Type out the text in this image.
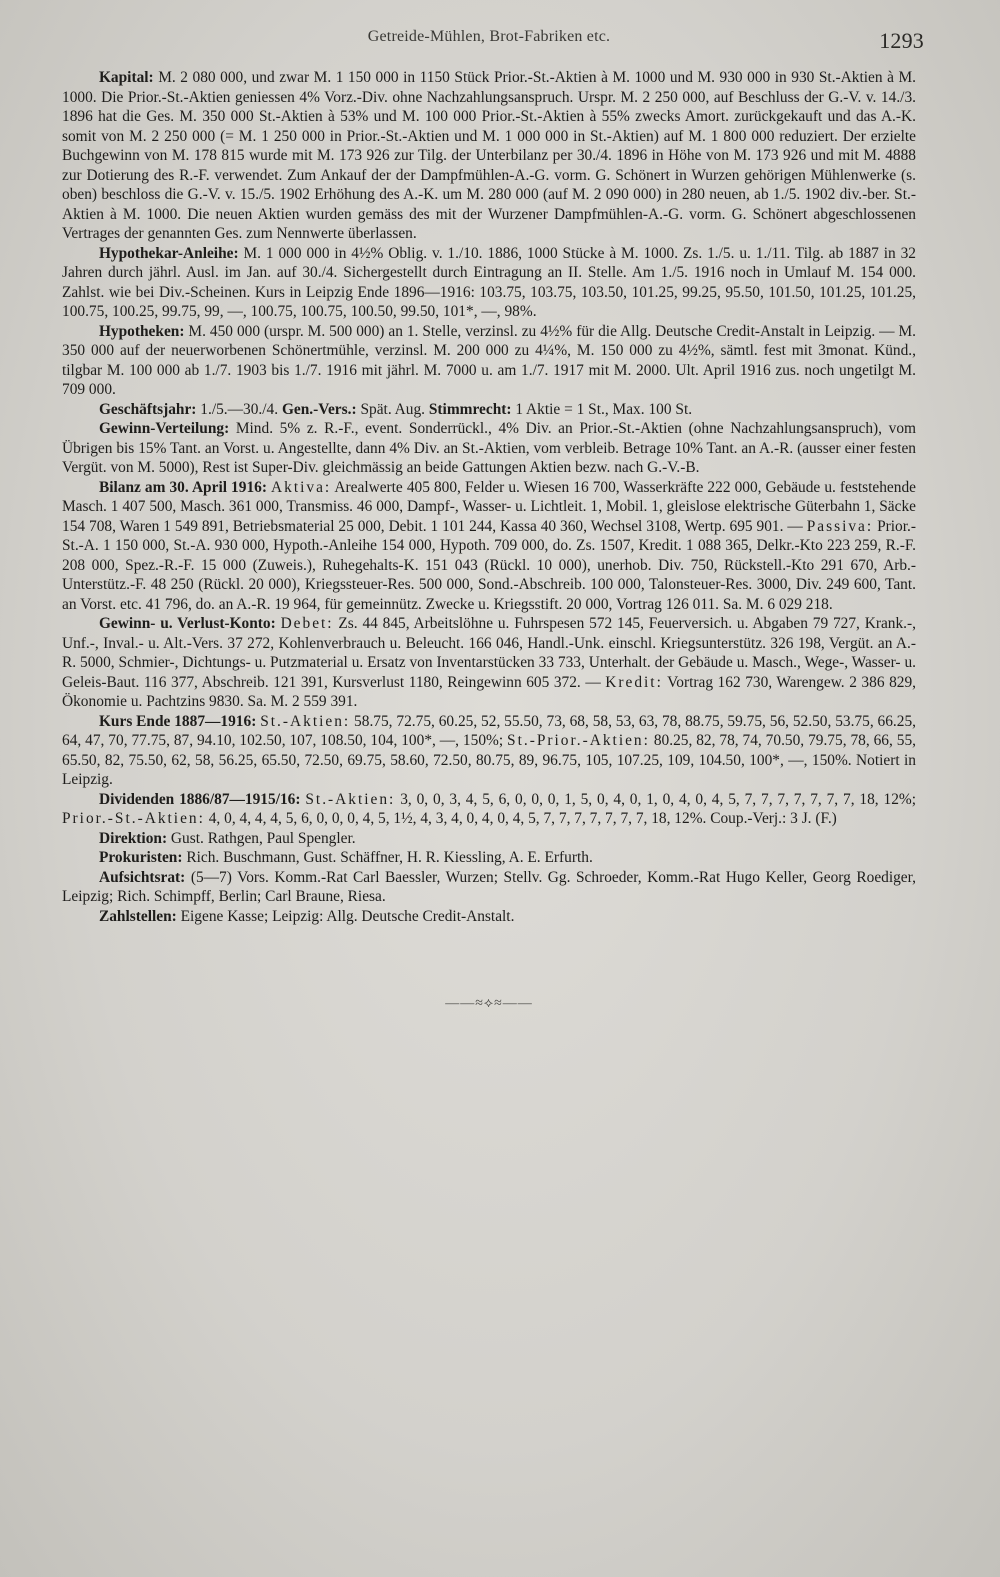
Getreide-Mühlen, Brot-Fabriken etc.	1293

Kapital: M. 2 080 000, und zwar M. 1 150 000 in 1150 Stück Prior.-St.-Aktien à M. 1000 und M. 930 000 in 930 St.-Aktien à M. 1000. Die Prior.-St.-Aktien geniessen 4% Vorz.-Div. ohne Nachzahlungsanspruch. Urspr. M. 2 250 000, auf Beschluss der G.-V. v. 14./3. 1896 hat die Ges. M. 350 000 St.-Aktien à 53% und M. 100 000 Prior.-St.-Aktien à 55% zwecks Amort. zurückgekauft und das A.-K. somit von M. 2 250 000 (= M. 1 250 000 in Prior.-St.-Aktien und M. 1 000 000 in St.-Aktien) auf M. 1 800 000 reduziert. Der erzielte Buchgewinn von M. 178 815 wurde mit M. 173 926 zur Tilg. der Unterbilanz per 30./4. 1896 in Höhe von M. 173 926 und mit M. 4888 zur Dotierung des R.-F. verwendet. Zum Ankauf der der Dampfmühlen-A.-G. vorm. G. Schönert in Wurzen gehörigen Mühlenwerke (s. oben) beschloss die G.-V. v. 15./5. 1902 Erhöhung des A.-K. um M. 280 000 (auf M. 2 090 000) in 280 neuen, ab 1./5. 1902 div.-ber. St.-Aktien à M. 1000. Die neuen Aktien wurden gemäss des mit der Wurzener Dampfmühlen-A.-G. vorm. G. Schönert abgeschlossenen Vertrages der genannten Ges. zum Nennwerte überlassen.

Hypothekar-Anleihe: M. 1 000 000 in 4½% Oblig. v. 1./10. 1886, 1000 Stücke à M. 1000. Zs. 1./5. u. 1./11. Tilg. ab 1887 in 32 Jahren durch jährl. Ausl. im Jan. auf 30./4. Sichergestellt durch Eintragung an II. Stelle. Am 1./5. 1916 noch in Umlauf M. 154 000. Zahlst. wie bei Div.-Scheinen. Kurs in Leipzig Ende 1896—1916: 103.75, 103.75, 103.50, 101.25, 99.25, 95.50, 101.50, 101.25, 101.25, 100.75, 100.25, 99.75, 99, —, 100.75, 100.75, 100.50, 99.50, 101*, —, 98%.

Hypotheken: M. 450 000 (urspr. M. 500 000) an 1. Stelle, verzinsl. zu 4½% für die Allg. Deutsche Credit-Anstalt in Leipzig. — M. 350 000 auf der neuerworbenen Schönertmühle, verzinsl. M. 200 000 zu 4¼%, M. 150 000 zu 4½%, sämtl. fest mit 3monat. Künd., tilgbar M. 100 000 ab 1./7. 1903 bis 1./7. 1916 mit jährl. M. 7000 u. am 1./7. 1917 mit M. 2000. Ult. April 1916 zus. noch ungetilgt M. 709 000.

Geschäftsjahr: 1./5.—30./4. Gen.-Vers.: Spät. Aug. Stimmrecht: 1 Aktie = 1 St., Max. 100 St.

Gewinn-Verteilung: Mind. 5% z. R.-F., event. Sonderrückl., 4% Div. an Prior.-St.-Aktien (ohne Nachzahlungsanspruch), vom Übrigen bis 15% Tant. an Vorst. u. Angestellte, dann 4% Div. an St.-Aktien, vom verbleib. Betrage 10% Tant. an A.-R. (ausser einer festen Vergüt. von M. 5000), Rest ist Super-Div. gleichmässig an beide Gattungen Aktien bezw. nach G.-V.-B.

Bilanz am 30. April 1916: Aktiva: Arealwerte 405 800, Felder u. Wiesen 16 700, Wasserkräfte 222 000, Gebäude u. feststehende Masch. 1 407 500, Masch. 361 000, Transmiss. 46 000, Dampf-, Wasser- u. Lichtleit. 1, Mobil. 1, gleislose elektrische Güterbahn 1, Säcke 154 708, Waren 1 549 891, Betriebsmaterial 25 000, Debit. 1 101 244, Kassa 40 360, Wechsel 3108, Wertp. 695 901. — Passiva: Prior.-St.-A. 1 150 000, St.-A. 930 000, Hypoth.-Anleihe 154 000, Hypoth. 709 000, do. Zs. 1507, Kredit. 1 088 365, Delkr.-Kto 223 259, R.-F. 208 000, Spez.-R.-F. 15 000 (Zuweis.), Ruhegehalts-K. 151 043 (Rückl. 10 000), unerhob. Div. 750, Rückstell.-Kto 291 670, Arb.-Unterstütz.-F. 48 250 (Rückl. 20 000), Kriegssteuer-Res. 500 000, Sond.-Abschreib. 100 000, Talonsteuer-Res. 3000, Div. 249 600, Tant. an Vorst. etc. 41 796, do. an A.-R. 19 964, für gemeinnütz. Zwecke u. Kriegsstift. 20 000, Vortrag 126 011. Sa. M. 6 029 218.

Gewinn- u. Verlust-Konto: Debet: Zs. 44 845, Arbeitslöhne u. Fuhrspesen 572 145, Feuerversich. u. Abgaben 79 727, Krank.-, Unf.-, Inval.- u. Alt.-Vers. 37 272, Kohlenverbrauch u. Beleucht. 166 046, Handl.-Unk. einschl. Kriegsunterstütz. 326 198, Vergüt. an A.-R. 5000, Schmier-, Dichtungs- u. Putzmaterial u. Ersatz von Inventarstücken 33 733, Unterhalt. der Gebäude u. Masch., Wege-, Wasser- u. Geleis-Baut. 116 377, Abschreib. 121 391, Kursverlust 1180, Reingewinn 605 372. — Kredit: Vortrag 162 730, Warengew. 2 386 829, Ökonomie u. Pachtzins 9830. Sa. M. 2 559 391.

Kurs Ende 1887—1916: St.-Aktien: 58.75, 72.75, 60.25, 52, 55.50, 73, 68, 58, 53, 63, 78, 88.75, 59.75, 56, 52.50, 53.75, 66.25, 64, 47, 70, 77.75, 87, 94.10, 102.50, 107, 108.50, 104, 100*, —, 150%; St.-Prior.-Aktien: 80.25, 82, 78, 74, 70.50, 79.75, 78, 66, 55, 65.50, 82, 75.50, 62, 58, 56.25, 65.50, 72.50, 69.75, 58.60, 72.50, 80.75, 89, 96.75, 105, 107.25, 109, 104.50, 100*, —, 150%. Notiert in Leipzig.

Dividenden 1886/87—1915/16: St.-Aktien: 3, 0, 0, 3, 4, 5, 6, 0, 0, 0, 1, 5, 0, 4, 0, 1, 0, 4, 0, 4, 5, 7, 7, 7, 7, 7, 7, 7, 18, 12%; Prior.-St.-Aktien: 4, 0, 4, 4, 4, 5, 6, 0, 0, 0, 4, 5, 1½, 4, 3, 4, 0, 4, 0, 4, 5, 7, 7, 7, 7, 7, 7, 7, 18, 12%. Coup.-Verj.: 3 J. (F.)

Direktion: Gust. Rathgen, Paul Spengler.

Prokuristen: Rich. Buschmann, Gust. Schäffner, H. R. Kiessling, A. E. Erfurth.

Aufsichtsrat: (5—7) Vors. Komm.-Rat Carl Baessler, Wurzen; Stellv. Gg. Schroeder, Komm.-Rat Hugo Keller, Georg Roediger, Leipzig; Rich. Schimpff, Berlin; Carl Braune, Riesa.

Zahlstellen: Eigene Kasse; Leipzig: Allg. Deutsche Credit-Anstalt.

——≈⟡≈——
